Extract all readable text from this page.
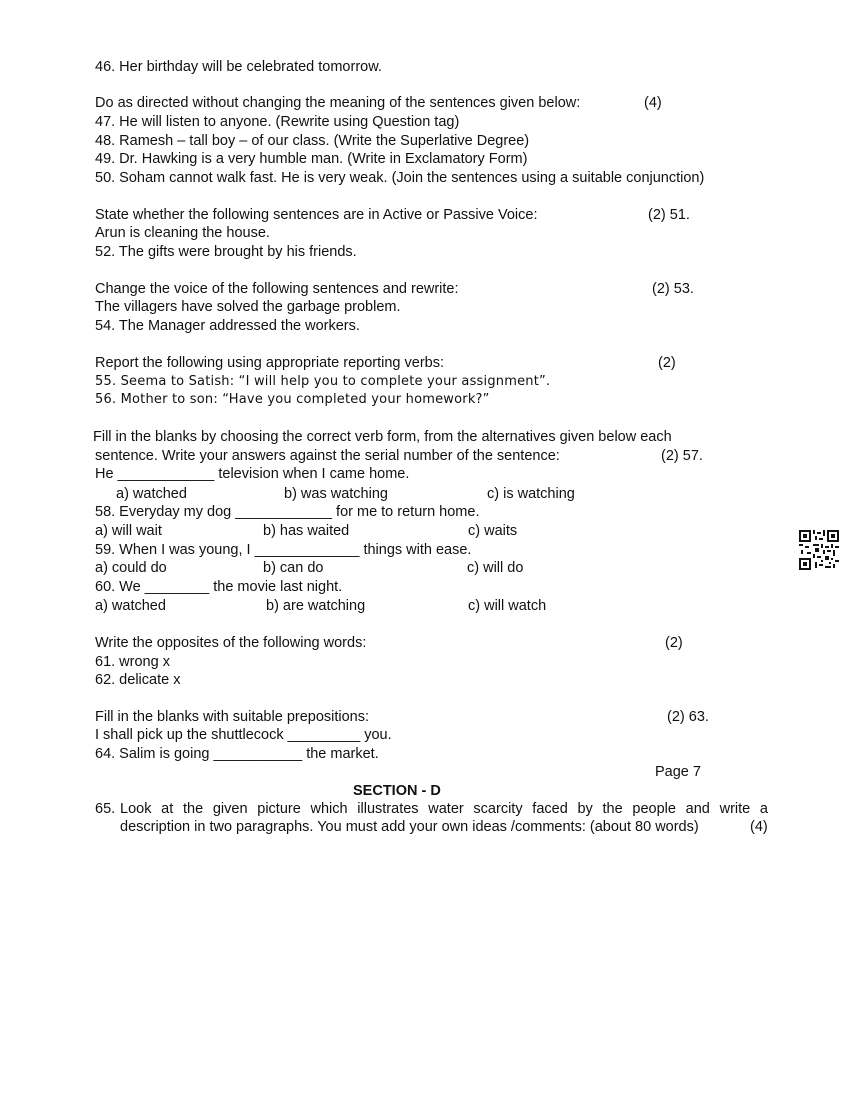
46. Her birthday will be celebrated tomorrow.
Do as directed without changing the meaning of the sentences given below:	(4)
47. He will listen to anyone. (Rewrite using Question tag)
48. Ramesh – tall boy – of our class. (Write the Superlative Degree)
49. Dr. Hawking is a very humble man. (Write in Exclamatory Form)
50. Soham cannot walk fast. He is very weak. (Join the sentences using a suitable conjunction)
State whether the following sentences are in Active or Passive Voice:	(2) 51.
Arun is cleaning the house.
52. The gifts were brought by his friends.
Change the voice of the following sentences and rewrite:	(2) 53.
The villagers have solved the garbage problem.
54. The Manager addressed the workers.
Report the following using appropriate reporting verbs:	(2)
55. Seema to Satish: “I will help you to complete your assignment”.
56. Mother to son: “Have you completed your homework?”
Fill in the blanks by choosing the correct verb form, from the alternatives given below each
sentence. Write your answers against the serial number of the sentence:	(2) 57.
He ____________ television when I came home.
a) watched	b) was watching	c) is watching
58. Everyday my dog ____________ for me to return home.
a) will wait	b) has waited	c) waits
59. When I was young, I _____________ things with ease.
a) could do	b) can do	c) will do
60. We ________ the movie last night.
a) watched	b) are watching	c) will watch
Write the opposites of the following words:	(2)
61. wrong x
62. delicate x
Fill in the blanks with suitable prepositions:	(2) 63.
I shall pick up the shuttlecock _________ you.
64. Salim is going ___________ the market.
Page 7
SECTION - D
65. Look at the given picture which illustrates water scarcity faced by the people and write a
description in two paragraphs. You must add your own ideas /comments: (about 80 words)	(4)
